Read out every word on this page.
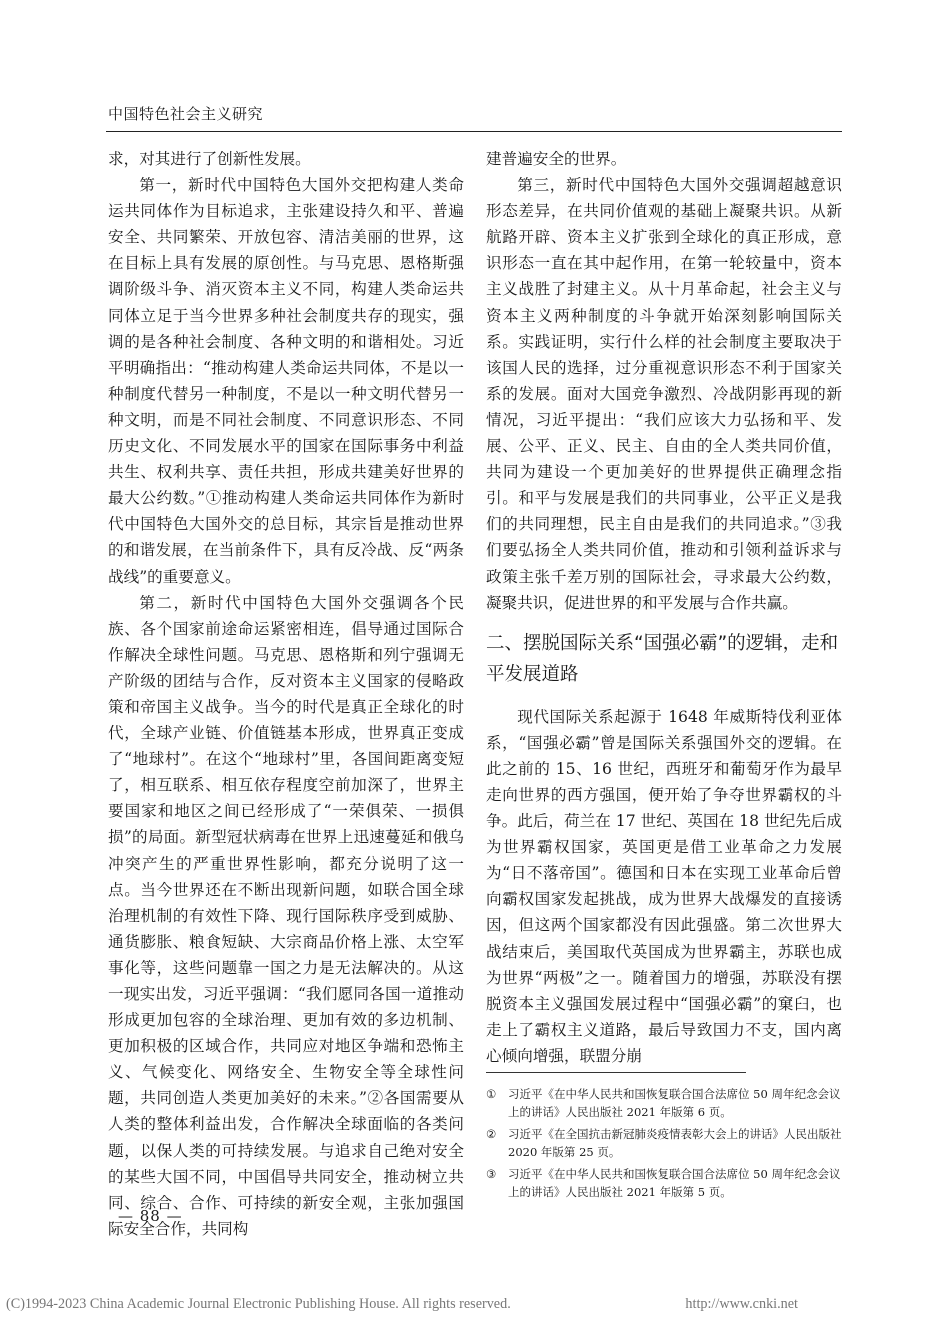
中国特色社会主义研究

求，对其进行了创新性发展。

第一，新时代中国特色大国外交把构建人类命运共同体作为目标追求，主张建设持久和平、普遍安全、共同繁荣、开放包容、清洁美丽的世界，这在目标上具有发展的原创性。与马克思、恩格斯强调阶级斗争、消灭资本主义不同，构建人类命运共同体立足于当今世界多种社会制度共存的现实，强调的是各种社会制度、各种文明的和谐相处。习近平明确指出：“推动构建人类命运共同体，不是以一种制度代替另一种制度，不是以一种文明代替另一种文明，而是不同社会制度、不同意识形态、不同历史文化、不同发展水平的国家在国际事务中利益共生、权利共享、责任共担，形成共建美好世界的最大公约数。”①推动构建人类命运共同体作为新时代中国特色大国外交的总目标，其宗旨是推动世界的和谐发展，在当前条件下，具有反冷战、反“两条战线”的重要意义。

第二，新时代中国特色大国外交强调各个民族、各个国家前途命运紧密相连，倡导通过国际合作解决全球性问题。马克思、恩格斯和列宁强调无产阶级的团结与合作，反对资本主义国家的侵略政策和帝国主义战争。当今的时代是真正全球化的时代，全球产业链、价值链基本形成，世界真正变成了“地球村”。在这个“地球村”里，各国间距离变短了，相互联系、相互依存程度空前加深了，世界主要国家和地区之间已经形成了“一荣俱荣、一损俱损”的局面。新型冠状病毒在世界上迅速蔓延和俄乌冲突产生的严重世界性影响，都充分说明了这一点。当今世界还在不断出现新问题，如联合国全球治理机制的有效性下降、现行国际秩序受到威胁、通货膨胀、粮食短缺、大宗商品价格上涨、太空军事化等，这些问题靠一国之力是无法解决的。从这一现实出发，习近平强调：“我们愿同各国一道推动形成更加包容的全球治理、更加有效的多边机制、更加积极的区域合作，共同应对地区争端和恐怖主义、气候变化、网络安全、生物安全等全球性问题，共同创造人类更加美好的未来。”②各国需要从人类的整体利益出发，合作解决全球面临的各类问题，以保人类的可持续发展。与追求自己绝对安全的某些大国不同，中国倡导共同安全，推动树立共同、综合、合作、可持续的新安全观，主张加强国际安全合作，共同构

建普遍安全的世界。

第三，新时代中国特色大国外交强调超越意识形态差异，在共同价值观的基础上凝聚共识。从新航路开辟、资本主义扩张到全球化的真正形成，意识形态一直在其中起作用，在第一轮较量中，资本主义战胜了封建主义。从十月革命起，社会主义与资本主义两种制度的斗争就开始深刻影响国际关系。实践证明，实行什么样的社会制度主要取决于该国人民的选择，过分重视意识形态不利于国家关系的发展。面对大国竞争激烈、冷战阴影再现的新情况，习近平提出：“我们应该大力弘扬和平、发展、公平、正义、民主、自由的全人类共同价值，共同为建设一个更加美好的世界提供正确理念指引。和平与发展是我们的共同事业，公平正义是我们的共同理想，民主自由是我们的共同追求。”③我们要弘扬全人类共同价值，推动和引领利益诉求与政策主张千差万别的国际社会，寻求最大公约数，凝聚共识，促进世界的和平发展与合作共赢。

二、摆脱国际关系“国强必霸”的逻辑，走和平发展道路

现代国际关系起源于 1648 年威斯特伐利亚体系，“国强必霸”曾是国际关系强国外交的逻辑。在此之前的 15、16 世纪，西班牙和葡萄牙作为最早走向世界的西方强国，便开始了争夺世界霸权的斗争。此后，荷兰在 17 世纪、英国在 18 世纪先后成为世界霸权国家，英国更是借工业革命之力发展为“日不落帝国”。德国和日本在实现工业革命后曾向霸权国家发起挑战，成为世界大战爆发的直接诱因，但这两个国家都没有因此强盛。第二次世界大战结束后，美国取代英国成为世界霸主，苏联也成为世界“两极”之一。随着国力的增强，苏联没有摆脱资本主义强国发展过程中“国强必霸”的窠臼，也走上了霸权主义道路，最后导致国力不支，国内离心倾向增强，联盟分崩

①	习近平《在中华人民共和国恢复联合国合法席位 50 周年纪念会议上的讲话》人民出版社 2021 年版第 6 页。
②	习近平《在全国抗击新冠肺炎疫情表彰大会上的讲话》人民出版社 2020 年版第 25 页。
③	习近平《在中华人民共和国恢复联合国合法席位 50 周年纪念会议上的讲话》人民出版社 2021 年版第 5 页。
— 88 —
(C)1994-2023 China Academic Journal Electronic Publishing House. All rights reserved.	http://www.cnki.net
